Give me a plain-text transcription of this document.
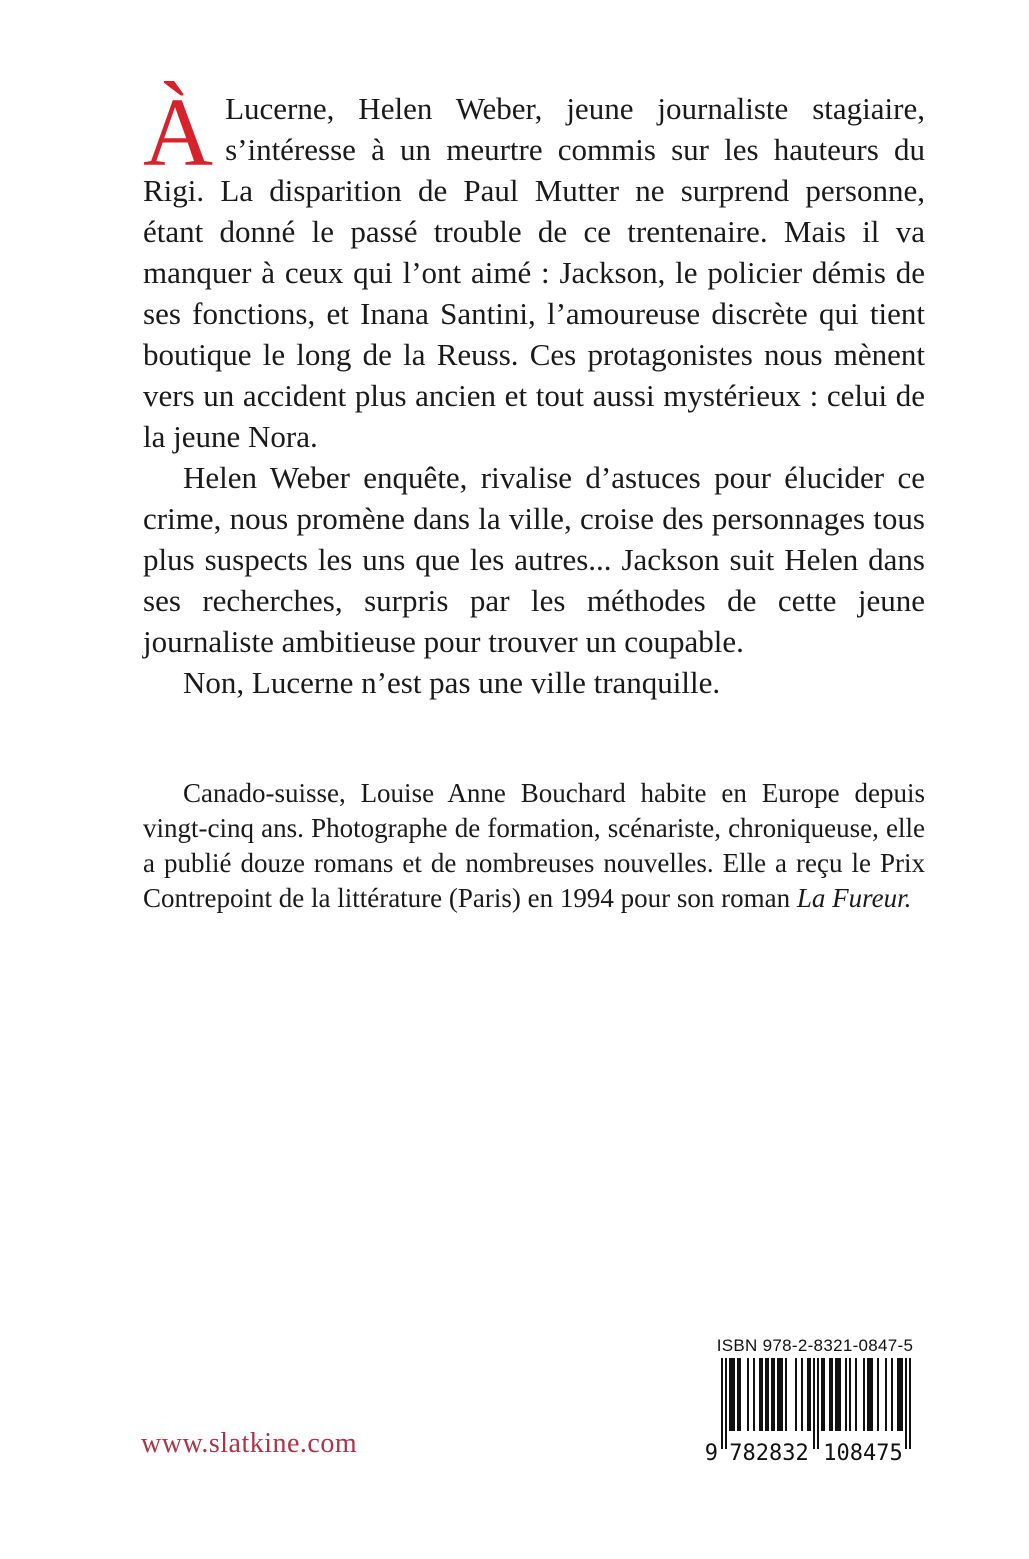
À Lucerne, Helen Weber, jeune journaliste stagiaire, s’intéresse à un meurtre commis sur les hauteurs du Rigi. La disparition de Paul Mutter ne surprend personne, étant donné le passé trouble de ce trentenaire. Mais il va manquer à ceux qui l’ont aimé : Jackson, le policier démis de ses fonctions, et Inana Santini, l’amoureuse discrète qui tient boutique le long de la Reuss. Ces protagonistes nous mènent vers un accident plus ancien et tout aussi mystérieux : celui de la jeune Nora.

Helen Weber enquête, rivalise d’astuces pour élucider ce crime, nous promène dans la ville, croise des personnages tous plus suspects les uns que les autres... Jackson suit Helen dans ses recherches, surpris par les méthodes de cette jeune journaliste ambitieuse pour trouver un coupable.

Non, Lucerne n’est pas une ville tranquille.

Canado-suisse, Louise Anne Bouchard habite en Europe depuis vingt-cinq ans. Photographe de formation, scénariste, chroniqueuse, elle a publié douze romans et de nombreuses nouvelles. Elle a reçu le Prix Contrepoint de la littérature (Paris) en 1994 pour son roman La Fureur.

www.slatkine.com
ISBN 978-2-8321-0847-5
9 782832 108475
